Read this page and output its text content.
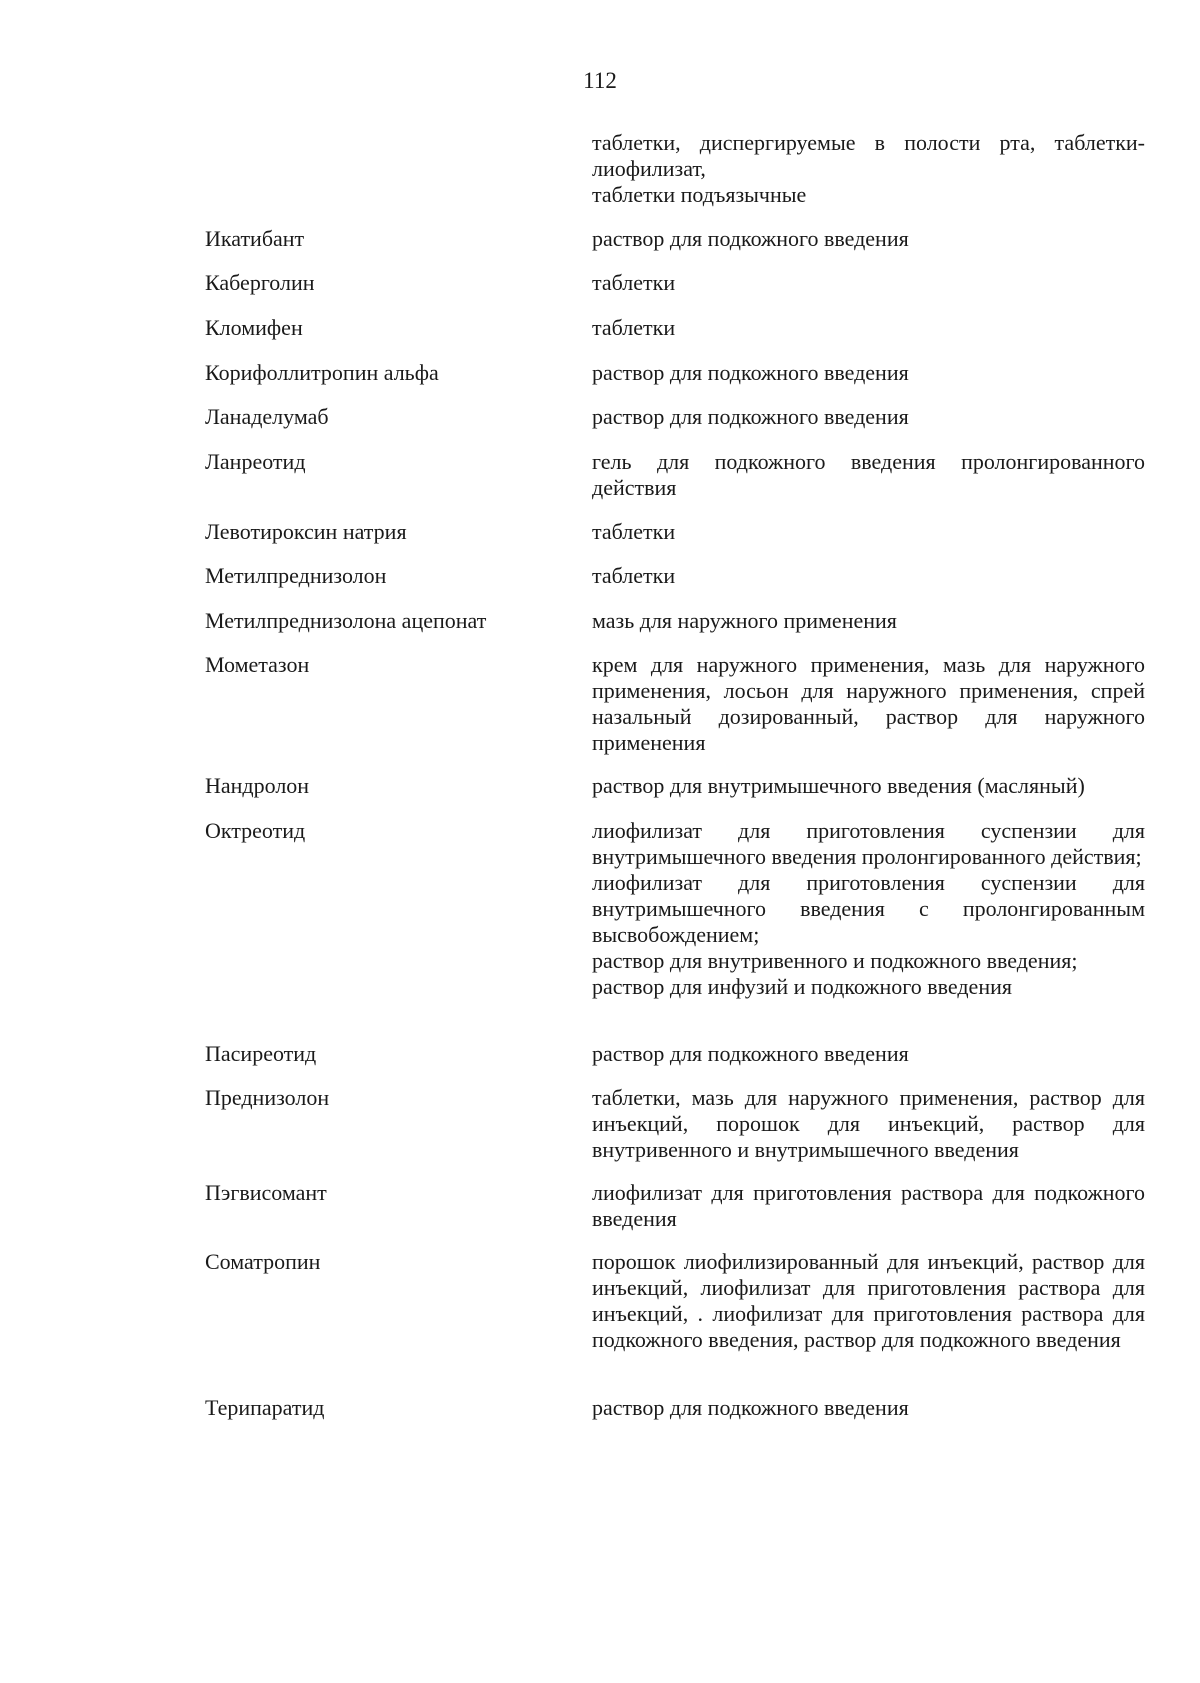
112
таблетки, диспергируемые в полости рта, таблетки-лиофилизат,
таблетки подъязычные
Икатибант	раствор для подкожного введения
Каберголин	таблетки
Кломифен	таблетки
Корифоллитропин альфа	раствор для подкожного введения
Ланаделумаб	раствор для подкожного введения
Ланреотид	гель для подкожного введения пролонгированного действия
Левотироксин натрия	таблетки
Метилпреднизолон	таблетки
Метилпреднизолона ацепонат	мазь для наружного применения
Мометазон	крем для наружного применения, мазь для наружного применения, лосьон для наружного применения, спрей назальный дозированный, раствор для наружного применения
Нандролон	раствор для внутримышечного введения (масляный)
Октреотид	лиофилизат для приготовления суспензии для внутримышечного введения пролонгированного действия;
лиофилизат для приготовления суспензии для внутримышечного введения с пролонгированным высвобождением;
раствор для внутривенного и подкожного введения;
раствор для инфузий и подкожного введения
Пасиреотид	раствор для подкожного введения
Преднизолон	таблетки, мазь для наружного применения, раствор для инъекций, порошок для инъекций, раствор для внутривенного и внутримышечного введения
Пэгвисомант	лиофилизат для приготовления раствора для подкожного введения
Соматропин	порошок лиофилизированный для инъекций, раствор для инъекций, лиофилизат для приготовления раствора для инъекций, . лиофилизат для приготовления раствора для подкожного введения, раствор для подкожного введения
Терипаратид	раствор для подкожного введения
